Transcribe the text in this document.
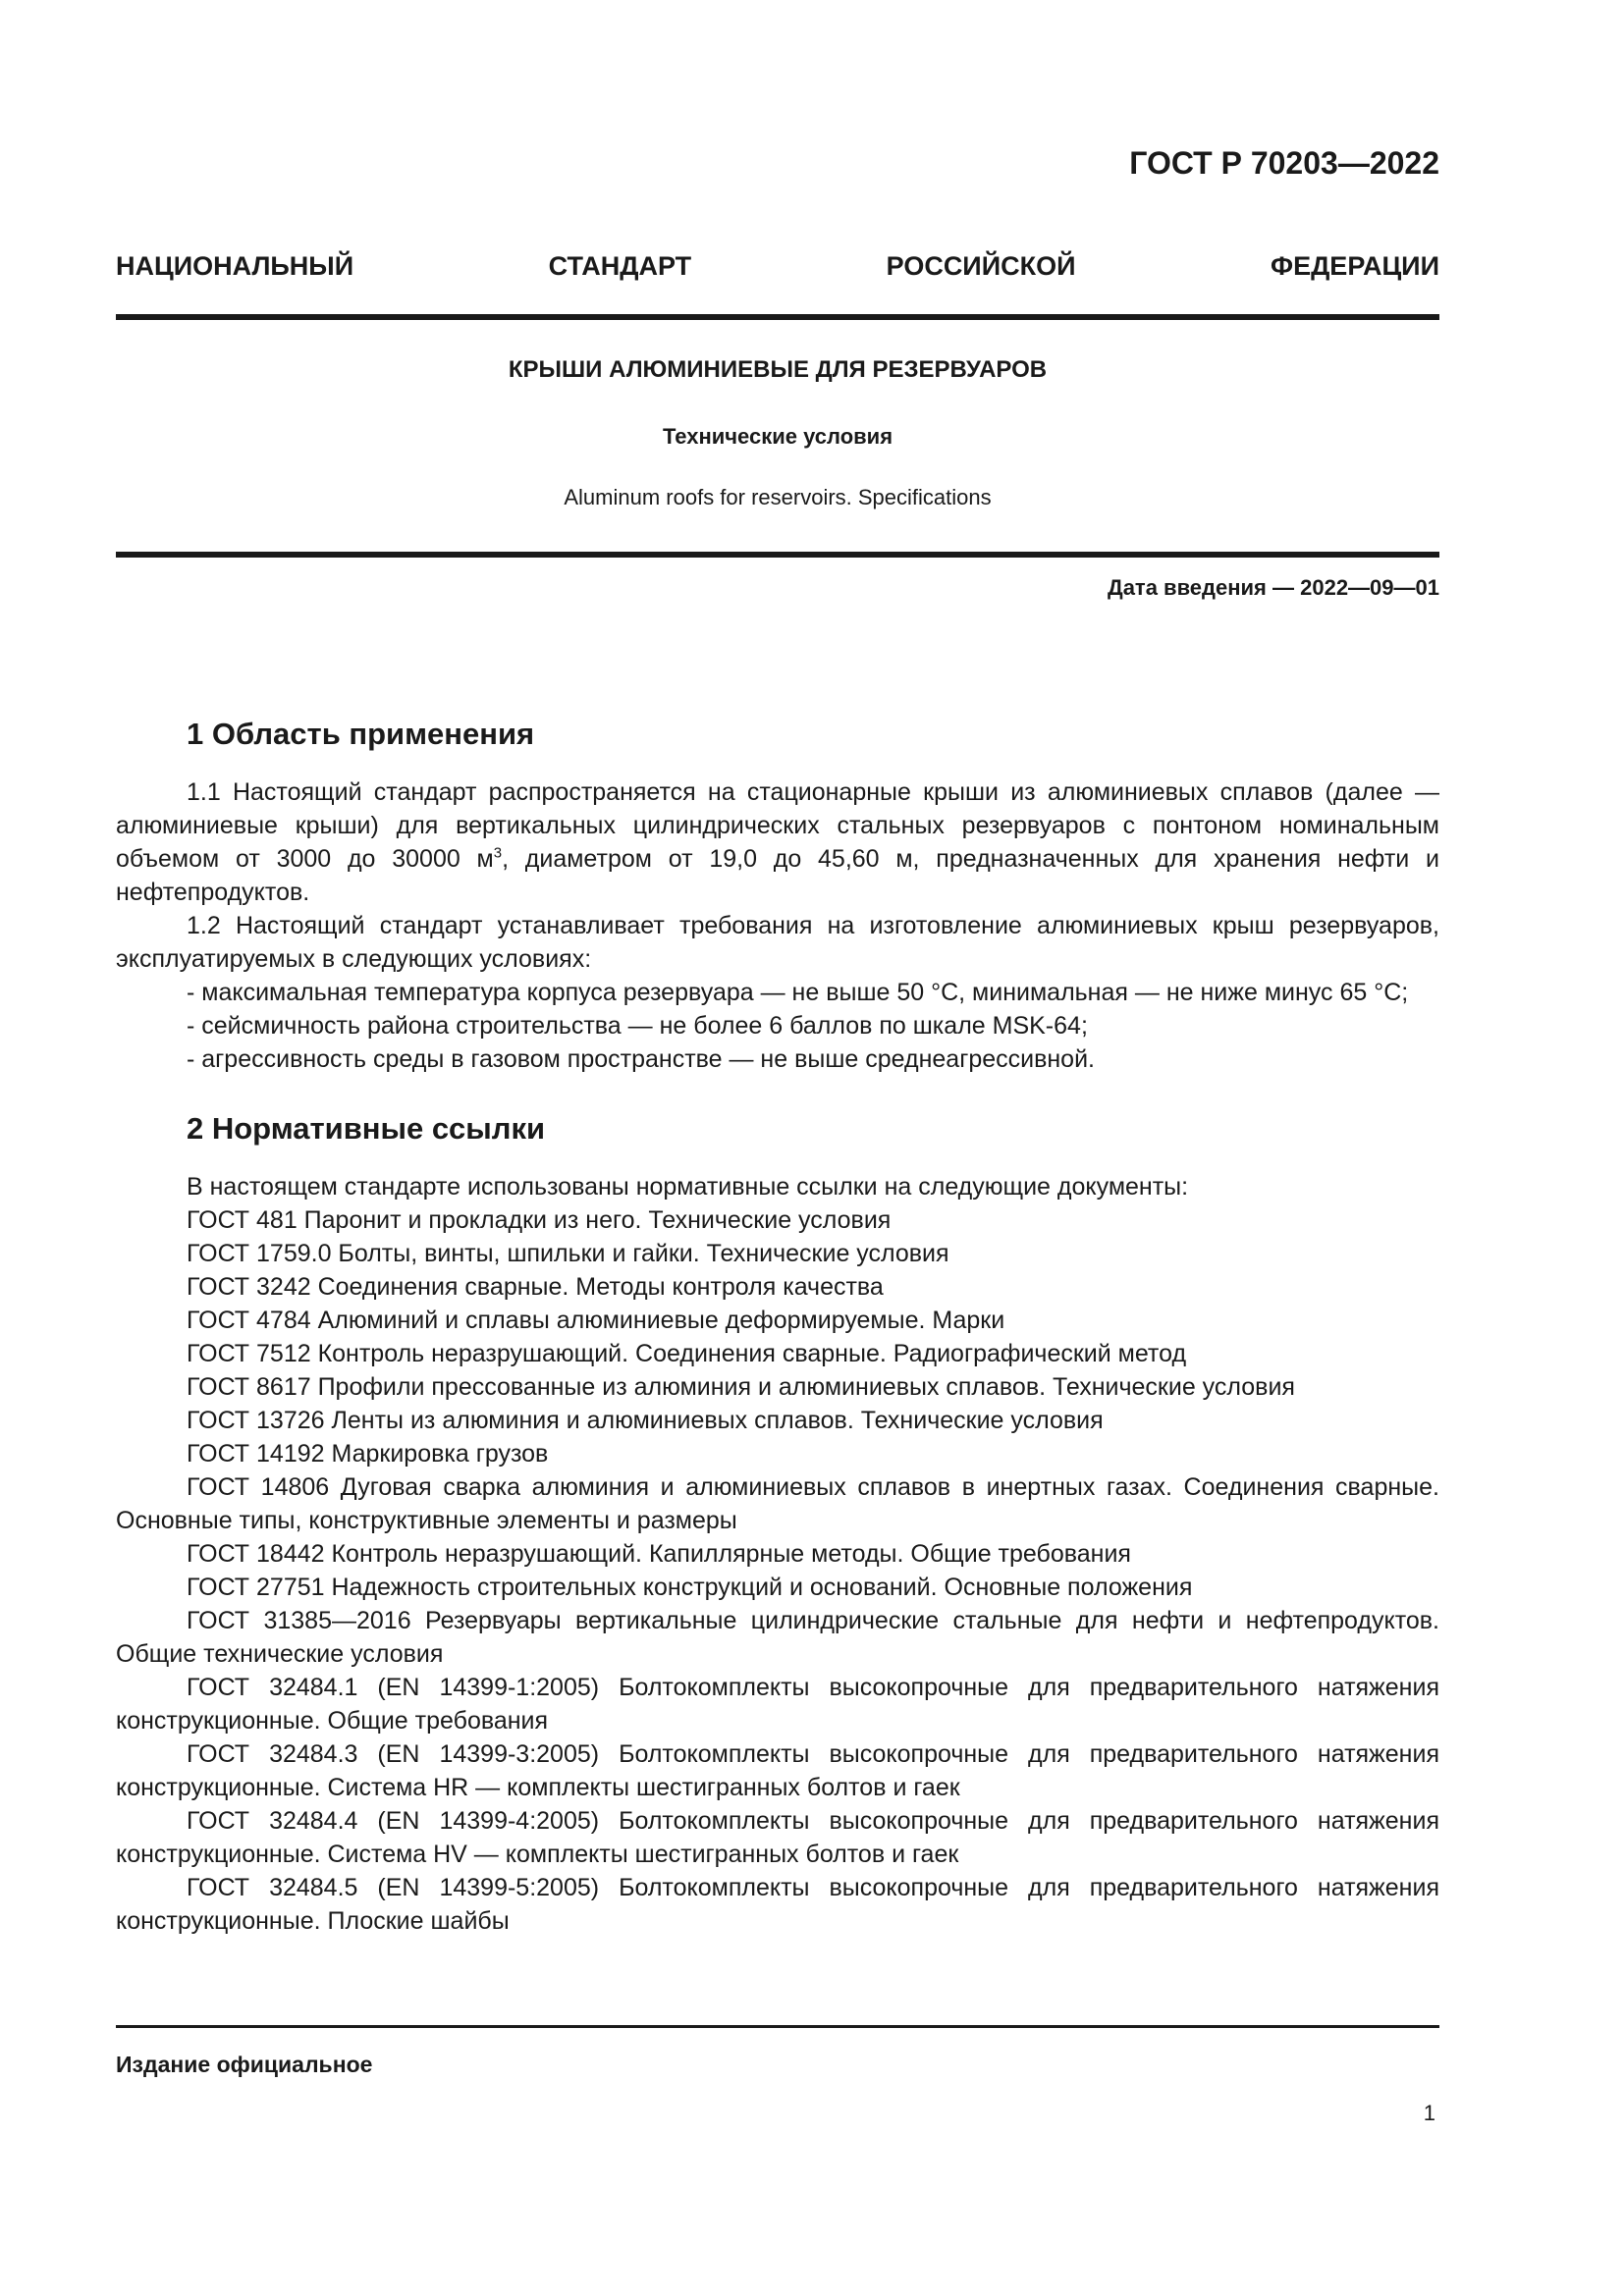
ГОСТ Р 70203—2022
НАЦИОНАЛЬНЫЙ СТАНДАРТ РОССИЙСКОЙ ФЕДЕРАЦИИ
КРЫШИ АЛЮМИНИЕВЫЕ ДЛЯ РЕЗЕРВУАРОВ
Технические условия
Aluminum roofs for reservoirs. Specifications
Дата введения — 2022—09—01
1 Область применения

1.1 Настоящий стандарт распространяется на стационарные крыши из алюминиевых сплавов (далее — алюминиевые крыши) для вертикальных цилиндрических стальных резервуаров с понтоном номинальным объемом от 3000 до 30000 $м^3$, диаметром от 19,0 до 45,60 м, предназначенных для хранения нефти и нефтепродуктов.

1.2 Настоящий стандарт устанавливает требования на изготовление алюминиевых крыш резервуаров, эксплуатируемых в следующих условиях:

- максимальная температура корпуса резервуара — не выше 50 °С, минимальная — не ниже минус 65 °С;

- сейсмичность района строительства — не более 6 баллов по шкале MSK-64;

- агрессивность среды в газовом пространстве — не выше среднеагрессивной.

2 Нормативные ссылки

В настоящем стандарте использованы нормативные ссылки на следующие документы:

ГОСТ 481 Паронит и прокладки из него. Технические условия

ГОСТ 1759.0 Болты, винты, шпильки и гайки. Технические условия

ГОСТ 3242 Соединения сварные. Методы контроля качества

ГОСТ 4784 Алюминий и сплавы алюминиевые деформируемые. Марки

ГОСТ 7512 Контроль неразрушающий. Соединения сварные. Радиографический метод

ГОСТ 8617 Профили прессованные из алюминия и алюминиевых сплавов. Технические условия

ГОСТ 13726 Ленты из алюминия и алюминиевых сплавов. Технические условия

ГОСТ 14192 Маркировка грузов

ГОСТ 14806 Дуговая сварка алюминия и алюминиевых сплавов в инертных газах. Соединения сварные. Основные типы, конструктивные элементы и размеры

ГОСТ 18442 Контроль неразрушающий. Капиллярные методы. Общие требования

ГОСТ 27751 Надежность строительных конструкций и оснований. Основные положения

ГОСТ 31385—2016 Резервуары вертикальные цилиндрические стальные для нефти и нефтепродуктов. Общие технические условия

ГОСТ 32484.1 (EN 14399-1:2005) Болтокомплекты высокопрочные для предварительного натяжения конструкционные. Общие требования

ГОСТ 32484.3 (EN 14399-3:2005) Болтокомплекты высокопрочные для предварительного натяжения конструкционные. Система HR — комплекты шестигранных болтов и гаек

ГОСТ 32484.4 (EN 14399-4:2005) Болтокомплекты высокопрочные для предварительного натяжения конструкционные. Система HV — комплекты шестигранных болтов и гаек

ГОСТ 32484.5 (EN 14399-5:2005) Болтокомплекты высокопрочные для предварительного натяжения конструкционные. Плоские шайбы

Издание официальное
1
